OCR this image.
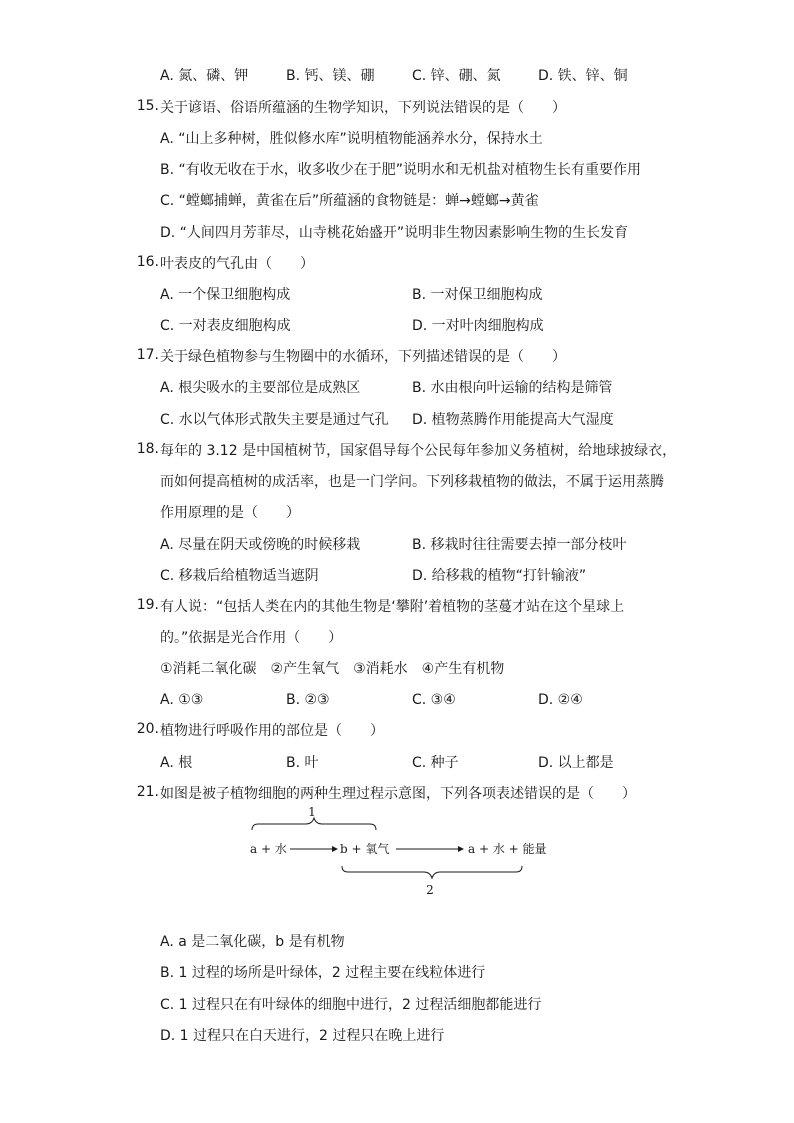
A. 氮、磷、钾	B. 钙、镁、硼	C. 锌、硼、氮	D. 铁、锌、铜
15. 关于谚语、俗语所蕴涵的生物学知识，下列说法错误的是（　　）
A. “山上多种树，胜似修水库”说明植物能涵养水分，保持水土
B. “有收无收在于水，收多收少在于肥”说明水和无机盐对植物生长有重要作用
C. “螳螂捕蝉，黄雀在后”所蕴涵的食物链是：蝉→螳螂→黄雀
D. “人间四月芳菲尽，山寺桃花始盛开”说明非生物因素影响生物的生长发育
16. 叶表皮的气孔由（　　）
A. 一个保卫细胞构成	B. 一对保卫细胞构成
C. 一对表皮细胞构成	D. 一对叶肉细胞构成
17. 关于绿色植物参与生物圈中的水循环，下列描述错误的是（　　）
A. 根尖吸水的主要部位是成熟区	B. 水由根向叶运输的结构是筛管
C. 水以气体形式散失主要是通过气孔 D. 植物蒸腾作用能提高大气湿度
18. 每年的 3.12 是中国植树节，国家倡导每个公民每年参加义务植树，给地球披绿衣，
而如何提高植树的成活率，也是一门学问。下列移栽植物的做法，不属于运用蒸腾
作用原理的是（　　）
A. 尽量在阴天或傍晚的时候移栽	B. 移栽时往往需要去掉一部分枝叶
C. 移栽后给植物适当遮阴	D. 给移栽的植物“打针输液”
19. 有人说：“包括人类在内的其他生物是‘攀附’着植物的茎蔓才站在这个星球上
的。”依据是光合作用（　　）
①消耗二氧化碳　②产生氧气　③消耗水　④产生有机物
A. ①③	B. ②③	C. ③④	D. ②④
20. 植物进行呼吸作用的部位是（　　）
A. 根	B. 叶	C. 种子	D. 以上都是
21. 如图是被子植物细胞的两种生理过程示意图，下列各项表述错误的是（　　）
1
a + 水	b + 氧气	a + 水 + 能量
2
A. a 是二氧化碳，b 是有机物
B. 1 过程的场所是叶绿体，2 过程主要在线粒体进行
C. 1 过程只在有叶绿体的细胞中进行，2 过程活细胞都能进行
D. 1 过程只在白天进行，2 过程只在晚上进行
